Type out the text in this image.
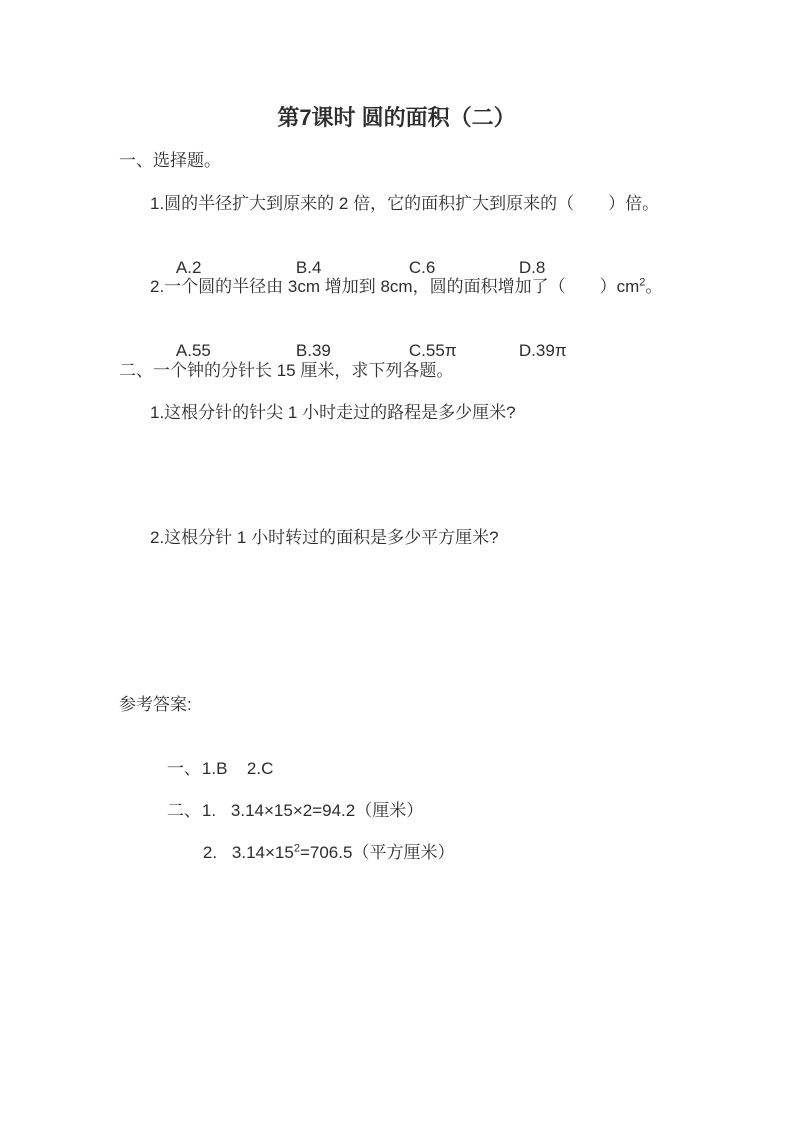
第7课时 圆的面积（二）
一、选择题。
1.圆的半径扩大到原来的 2 倍，它的面积扩大到原来的（　　）倍。

A.2	B.4	C.6	D.8

2.一个圆的半径由 3cm 增加到 8cm，圆的面积增加了（　　）$cm^2$。

A.55	B.39	C.55π	D.39π

二、一个钟的分针长 15 厘米，求下列各题。
1.这根分针的针尖 1 小时走过的路程是多少厘米?
2.这根分针 1 小时转过的面积是多少平方厘米?
参考答案:

一、1.B 2.C

二、1. 3.14×15×2=94.2（厘米）

2. $3.14\times 15^2=706.5$（平方厘米）
